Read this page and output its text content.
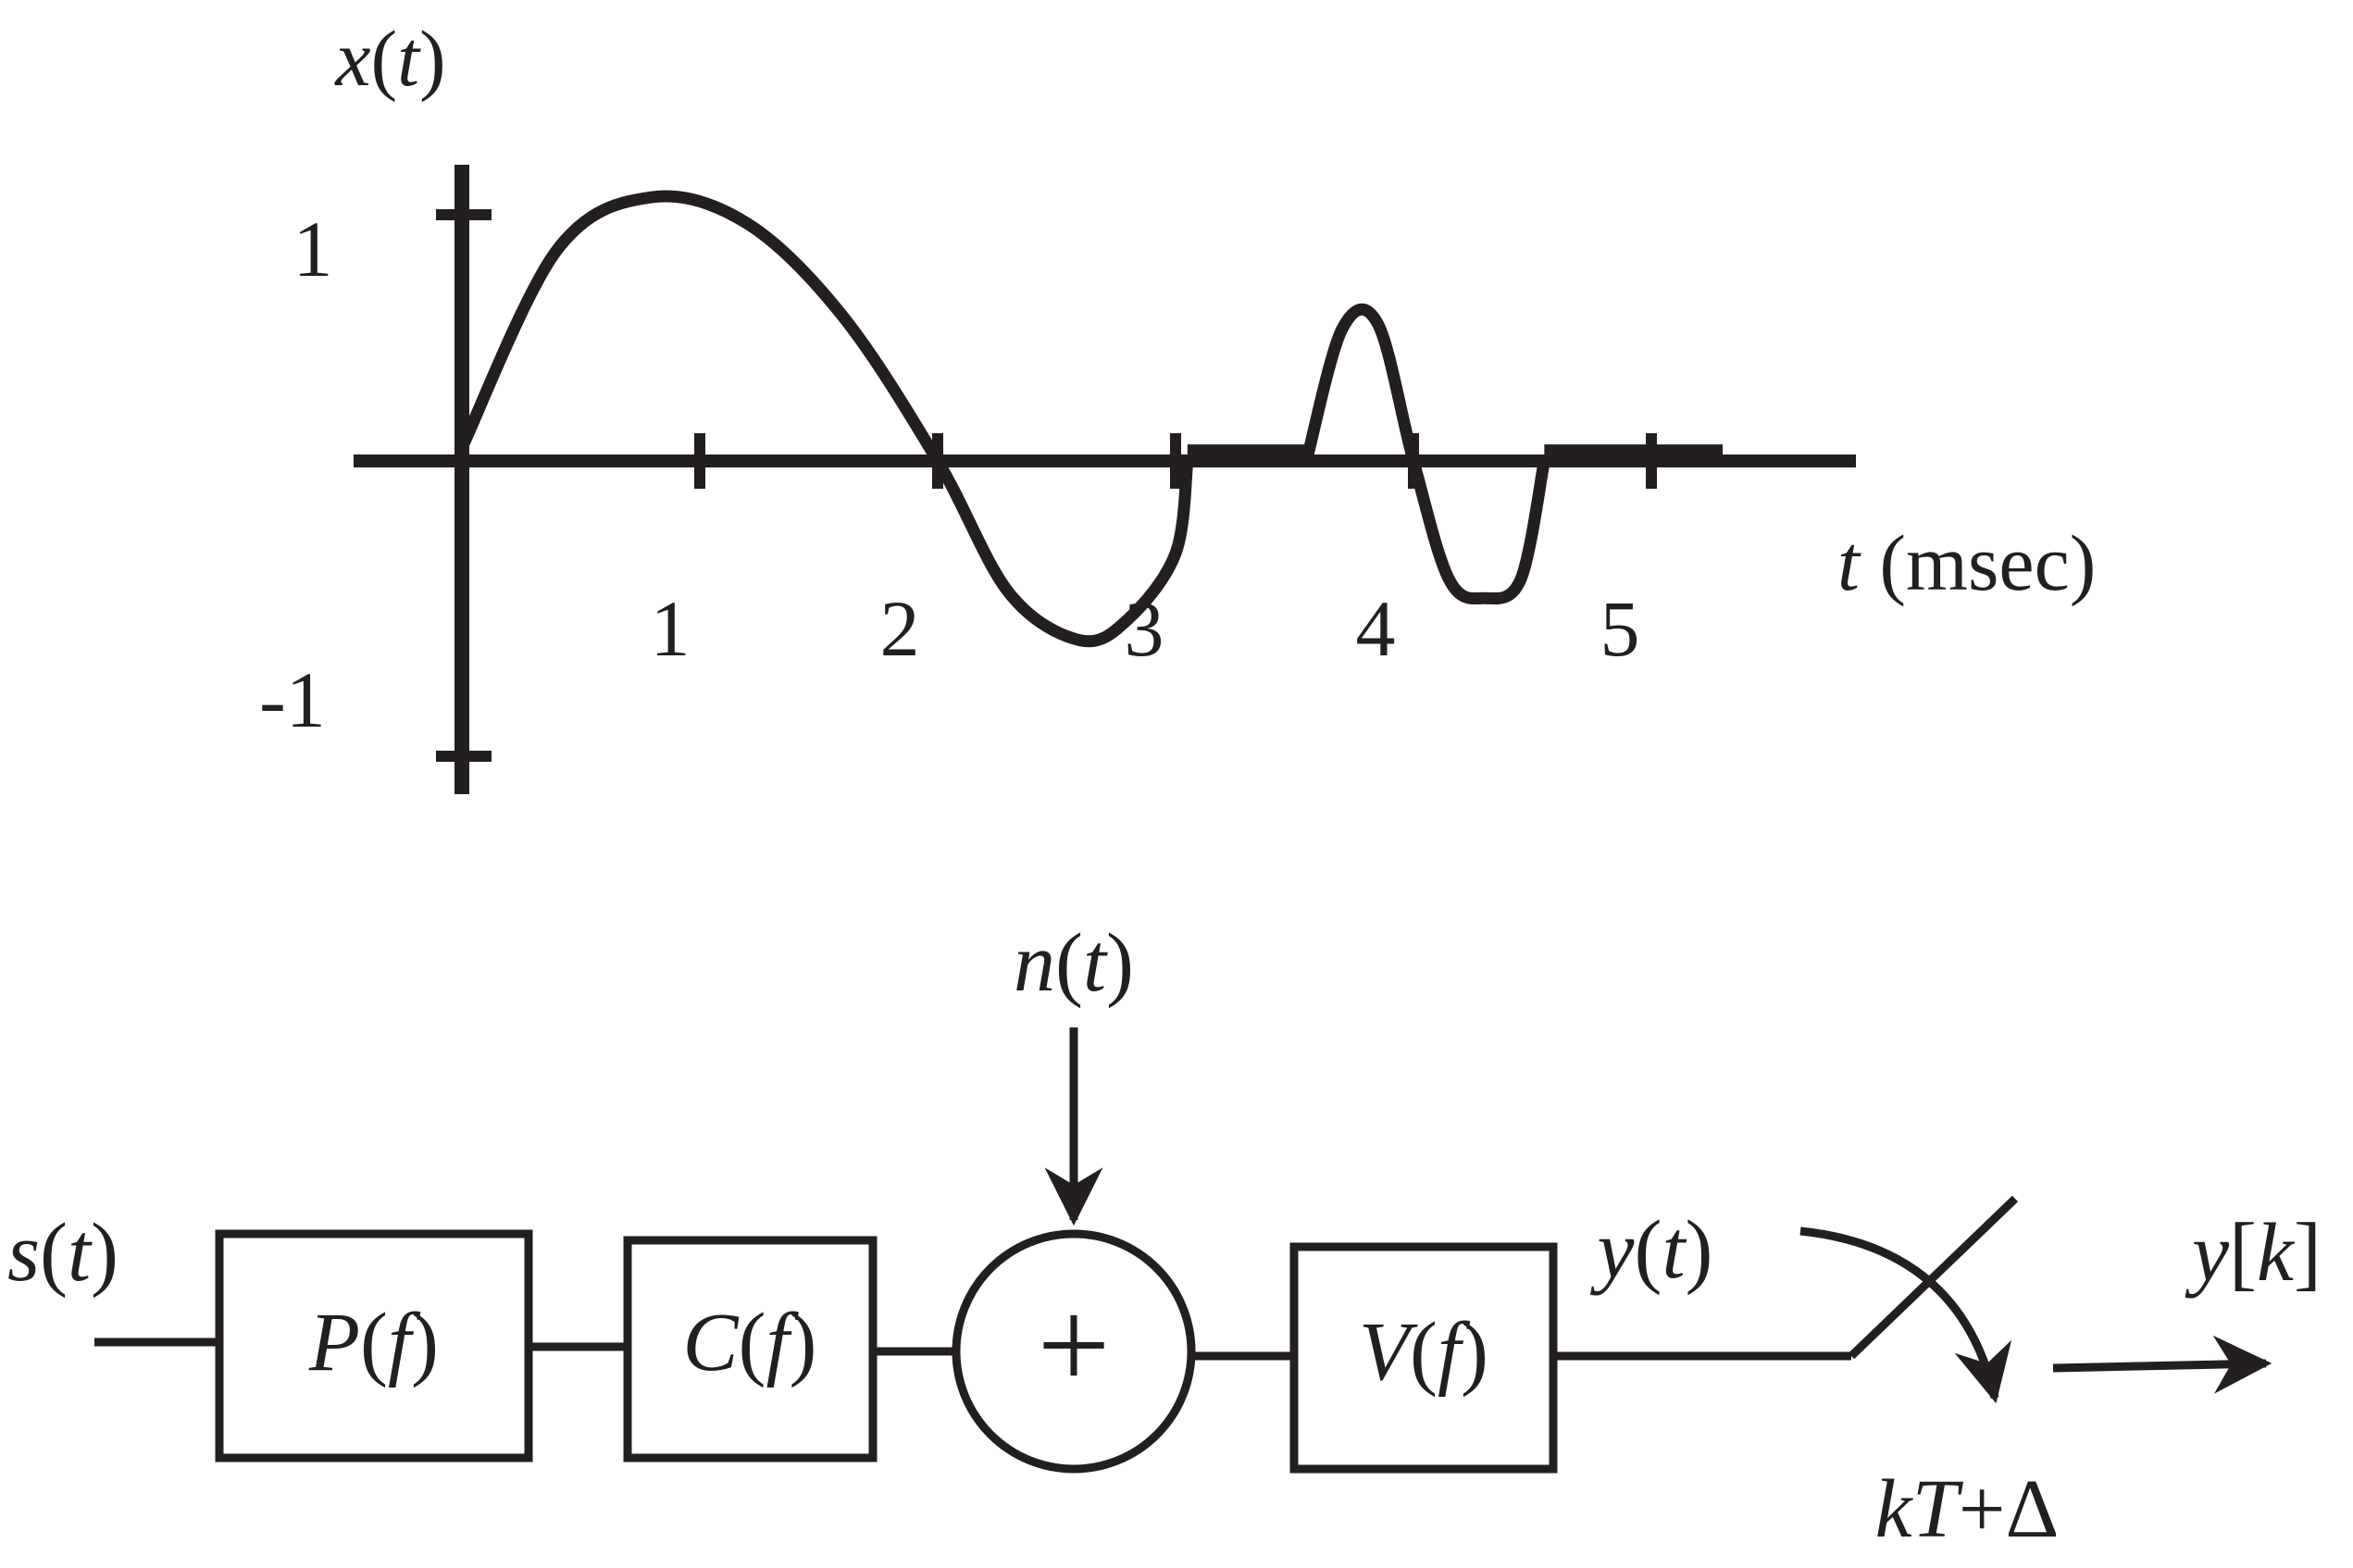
x(t)
1
-1
1 2	3 4	5
t (msec)
s(t)
P(f)	C(f) +
n(t)
V(f)
y(t)
kT+Δ
y[k]
